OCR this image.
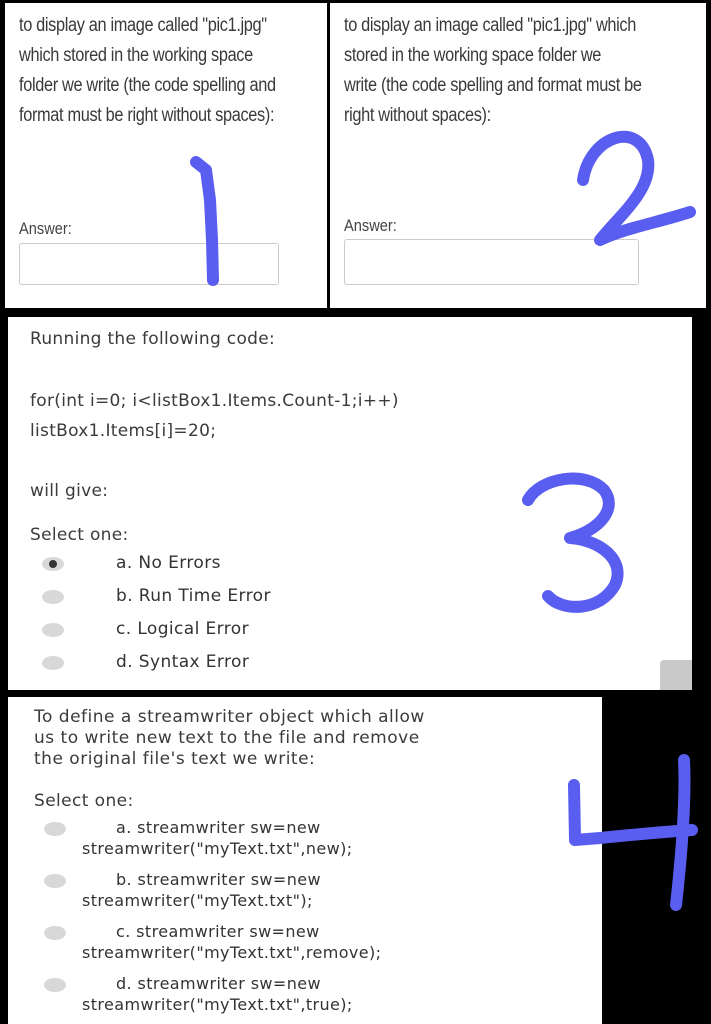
to display an image called "pic1.jpg"
which stored in the working space
folder we write (the code spelling and
format must be right without spaces):
Answer:
to display an image called "pic1.jpg" which
stored in the working space folder we
write (the code spelling and format must be
right without spaces):
Answer:
Running the following code:
for(int i=0; i<listBox1.Items.Count-1;i++)
listBox1.Items[i]=20;
will give:
Select one:
a. No Errors
b. Run Time Error
c. Logical Error
d. Syntax Error
To define a streamwriter object which allow
us to write new text to the file and remove
the original file's text we write:
Select one:
a. streamwriter sw=new
streamwriter("myText.txt",new);
b. streamwriter sw=new
streamwriter("myText.txt");
c. streamwriter sw=new
streamwriter("myText.txt",remove);
d. streamwriter sw=new
streamwriter("myText.txt",true);
